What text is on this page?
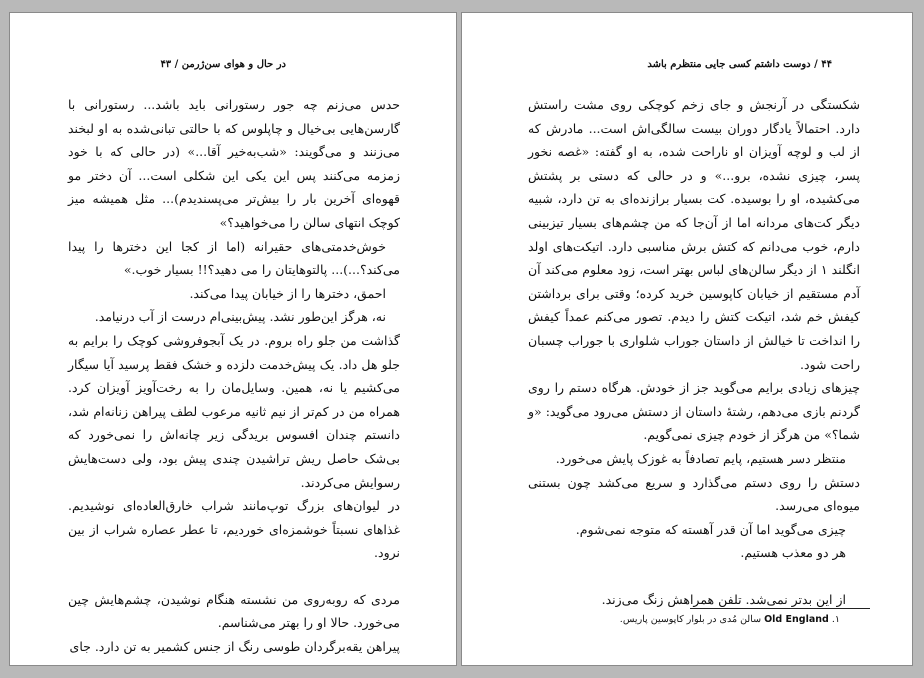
در حال و هوای سن‌ژرمن / ۴۳

حدس می‌زنم چه جور رستورانی باید باشد... رستورانی با گارسن‌هایی بی‌خیال و چاپلوس که با حالتی تبانی‌شده به او لبخند می‌زنند و می‌گویند: «شب‌به‌خیر آقا...» (در حالی که با خود زمزمه می‌کنند پس این یکی این شکلی است... آن دختر مو قهوه‌ای آخرین بار را بیش‌تر می‌پسندیدم)... مثل همیشه میز کوچک انتهای سالن را می‌خواهید؟»

خوش‌خدمتی‌های حقیرانه (اما از کجا این دخترها را پیدا می‌کند؟...)... پالتوهایتان را می دهید؟!! بسیار خوب.»

احمق، دخترها را از خیابان پیدا می‌کند.

نه، هرگز این‌طور نشد. پیش‌بینی‌ام درست از آب درنیامد.

گذاشت من جلو راه بروم. در یک آبجوفروشی کوچک را برایم به جلو هل داد. یک پیش‌خدمت دلزده و خشک فقط پرسید آیا سیگار می‌کشیم یا نه، همین. وسایل‌مان را به رخت‌آویز آویزان کرد. همراه من در کم‌تر از نیم ثانیه مرعوب لطف پیراهن زنانه‌ام شد، دانستم چندان افسوس بریدگی زیر چانه‌اش را نمی‌خورد که بی‌شک حاصل ریش تراشیدن چندی پیش بود، ولی دست‌هایش رسوایش می‌کردند.

در لیوان‌های بزرگ توپ‌مانند شراب خارق‌العاده‌ای نوشیدیم. غذاهای نسبتاً خوشمزه‌ای خوردیم، تا عطر عصاره شراب از بین نرود.

مردی که روبه‌روی من نشسته هنگام نوشیدن، چشم‌هایش چین می‌خورد. حالا او را بهتر می‌شناسم.

پیراهن یقه‌برگردان طوسی رنگ از جنس کشمیر به تن دارد. جای

۴۴ / دوست داشتم کسی جایی منتظرم باشد

شکستگی در آرنجش و جای زخم کوچکی روی مشت راستش دارد. احتمالاً یادگار دوران بیست سالگی‌اش است... مادرش که از لب و لوچه آویزان او ناراحت شده، به او گفته: «غصه نخور پسر، چیزی نشده، برو...» و در حالی که دستی بر پشتش می‌کشیده، او را بوسیده. کت بسیار برازنده‌ای به تن دارد، شبیه دیگر کت‌های مردانه اما از آن‌جا که من چشم‌های بسیار تیزبینی دارم، خوب می‌دانم که کتش برش مناسبی دارد. اتیکت‌های اولد انگلند ۱ از دیگر سالن‌های لباس بهتر است، زود معلوم می‌کند آن آدم مستقیم از خیابان کاپوسین خرید کرده؛ وقتی برای برداشتن کیفش خم شد، اتیکت کتش را دیدم. تصور می‌کنم عمداً کیفش را انداخت تا خیالش از داستان جوراب شلواری با جوراب چسبان راحت شود.

چیزهای زیادی برایم می‌گوید جز از خودش. هرگاه دستم را روی گردنم بازی می‌دهم، رشتهٔ داستان از دستش می‌رود می‌گوید: «و شما؟» من هرگز از خودم چیزی نمی‌گویم.

منتظر دسر هستیم، پایم تصادفاً به غوزک پایش می‌خورد.

دستش را روی دستم می‌گذارد و سریع می‌کشد چون بستنی میوه‌ای می‌رسد.

چیزی می‌گوید اما آن قدر آهسته که متوجه نمی‌شوم.

هر دو معذب هستیم.

از این بدتر نمی‌شد. تلفن همراهش زنگ می‌زند.

۱. Old England سالن مُدی در بلوار کاپوسین پاریس.
